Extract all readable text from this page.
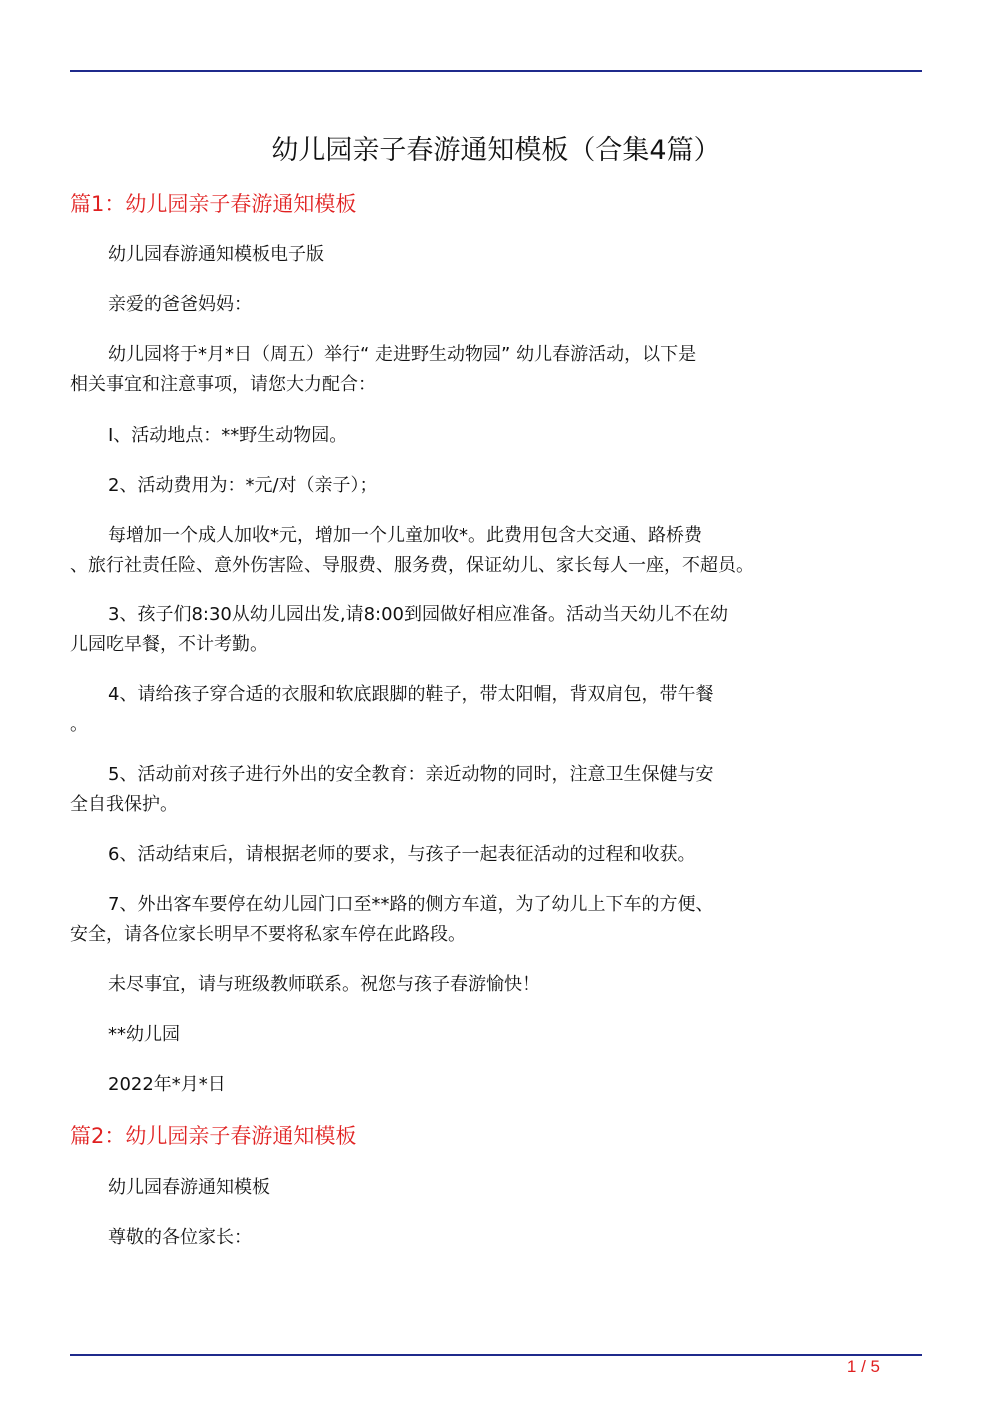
幼儿园亲子春游通知模板（合集4篇）
篇1：幼儿园亲子春游通知模板
幼儿园春游通知模板电子版
亲爱的爸爸妈妈：
幼儿园将于*月*日（周五）举行“ 走进野生动物园” 幼儿春游活动，以下是
相关事宜和注意事项，请您大力配合：
I、活动地点：**野生动物园。
2、活动费用为：*元/对（亲子）；
每增加一个成人加收*元，增加一个儿童加收*。此费用包含大交通、路桥费
、旅行社责任险、意外伤害险、导服费、服务费，保证幼儿、家长每人一座，不超员。
3、孩子们8:30从幼儿园出发,请8:00到园做好相应准备。活动当天幼儿不在幼
儿园吃早餐，不计考勤。
4、请给孩子穿合适的衣服和软底跟脚的鞋子，带太阳帽，背双肩包，带午餐
。
5、活动前对孩子进行外出的安全教育：亲近动物的同时，注意卫生保健与安
全自我保护。
6、活动结束后，请根据老师的要求，与孩子一起表征活动的过程和收获。
7、外出客车要停在幼儿园门口至**路的侧方车道，为了幼儿上下车的方便、
安全，请各位家长明早不要将私家车停在此路段。
未尽事宜，请与班级教师联系。祝您与孩子春游愉快！
**幼儿园
2022年*月*日
篇2：幼儿园亲子春游通知模板
幼儿园春游通知模板
尊敬的各位家长：
1 / 5
